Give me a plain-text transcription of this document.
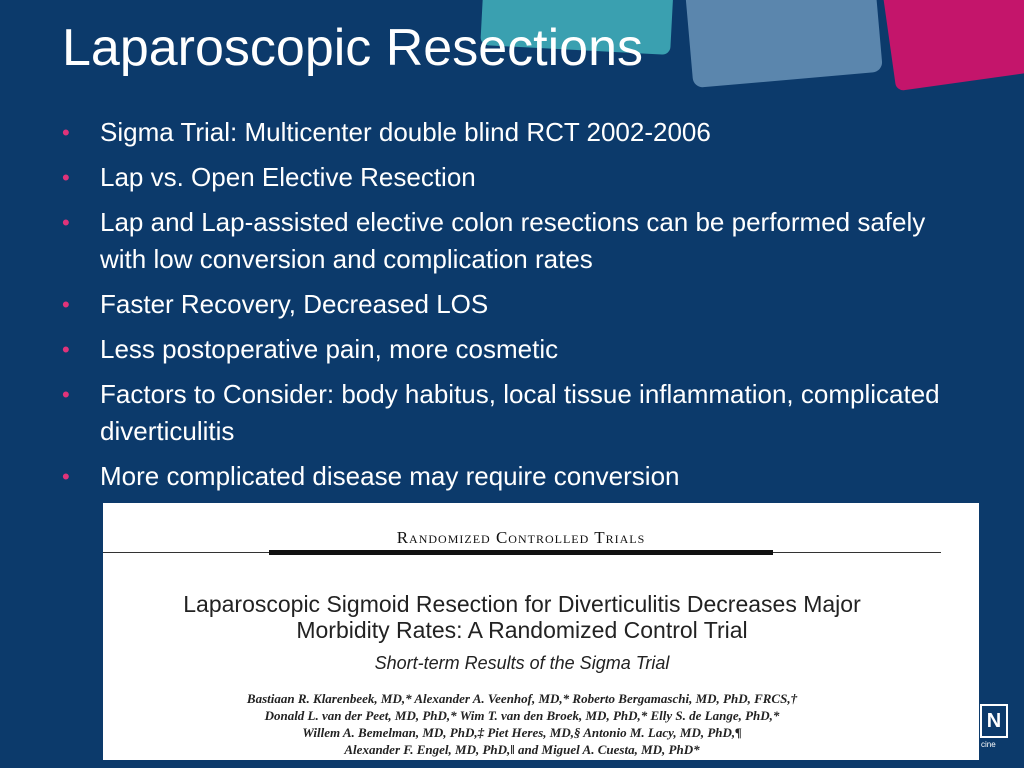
Laparoscopic Resections
• Sigma Trial: Multicenter double blind RCT 2002-2006
• Lap vs. Open Elective Resection
• Lap and Lap-assisted elective colon resections can be performed safely with low conversion and complication rates
• Faster Recovery, Decreased LOS
• Less postoperative pain, more cosmetic
• Factors to Consider: body habitus, local tissue inflammation, complicated diverticulitis
• More complicated disease may require conversion
Randomized Controlled Trials
Laparoscopic Sigmoid Resection for Diverticulitis Decreases Major
Morbidity Rates: A Randomized Control Trial
Short-term Results of the Sigma Trial
Bastiaan R. Klarenbeek, MD,* Alexander A. Veenhof, MD,* Roberto Bergamaschi, MD, PhD, FRCS,†
Donald L. van der Peet, MD, PhD,* Wim T. van den Broek, MD, PhD,* Elly S. de Lange, PhD,*
Willem A. Bemelman, MD, PhD,‡ Piet Heres, MD,§ Antonio M. Lacy, MD, PhD,¶
Alexander F. Engel, MD, PhD,‖ and Miguel A. Cuesta, MD, PhD*
N
cine
